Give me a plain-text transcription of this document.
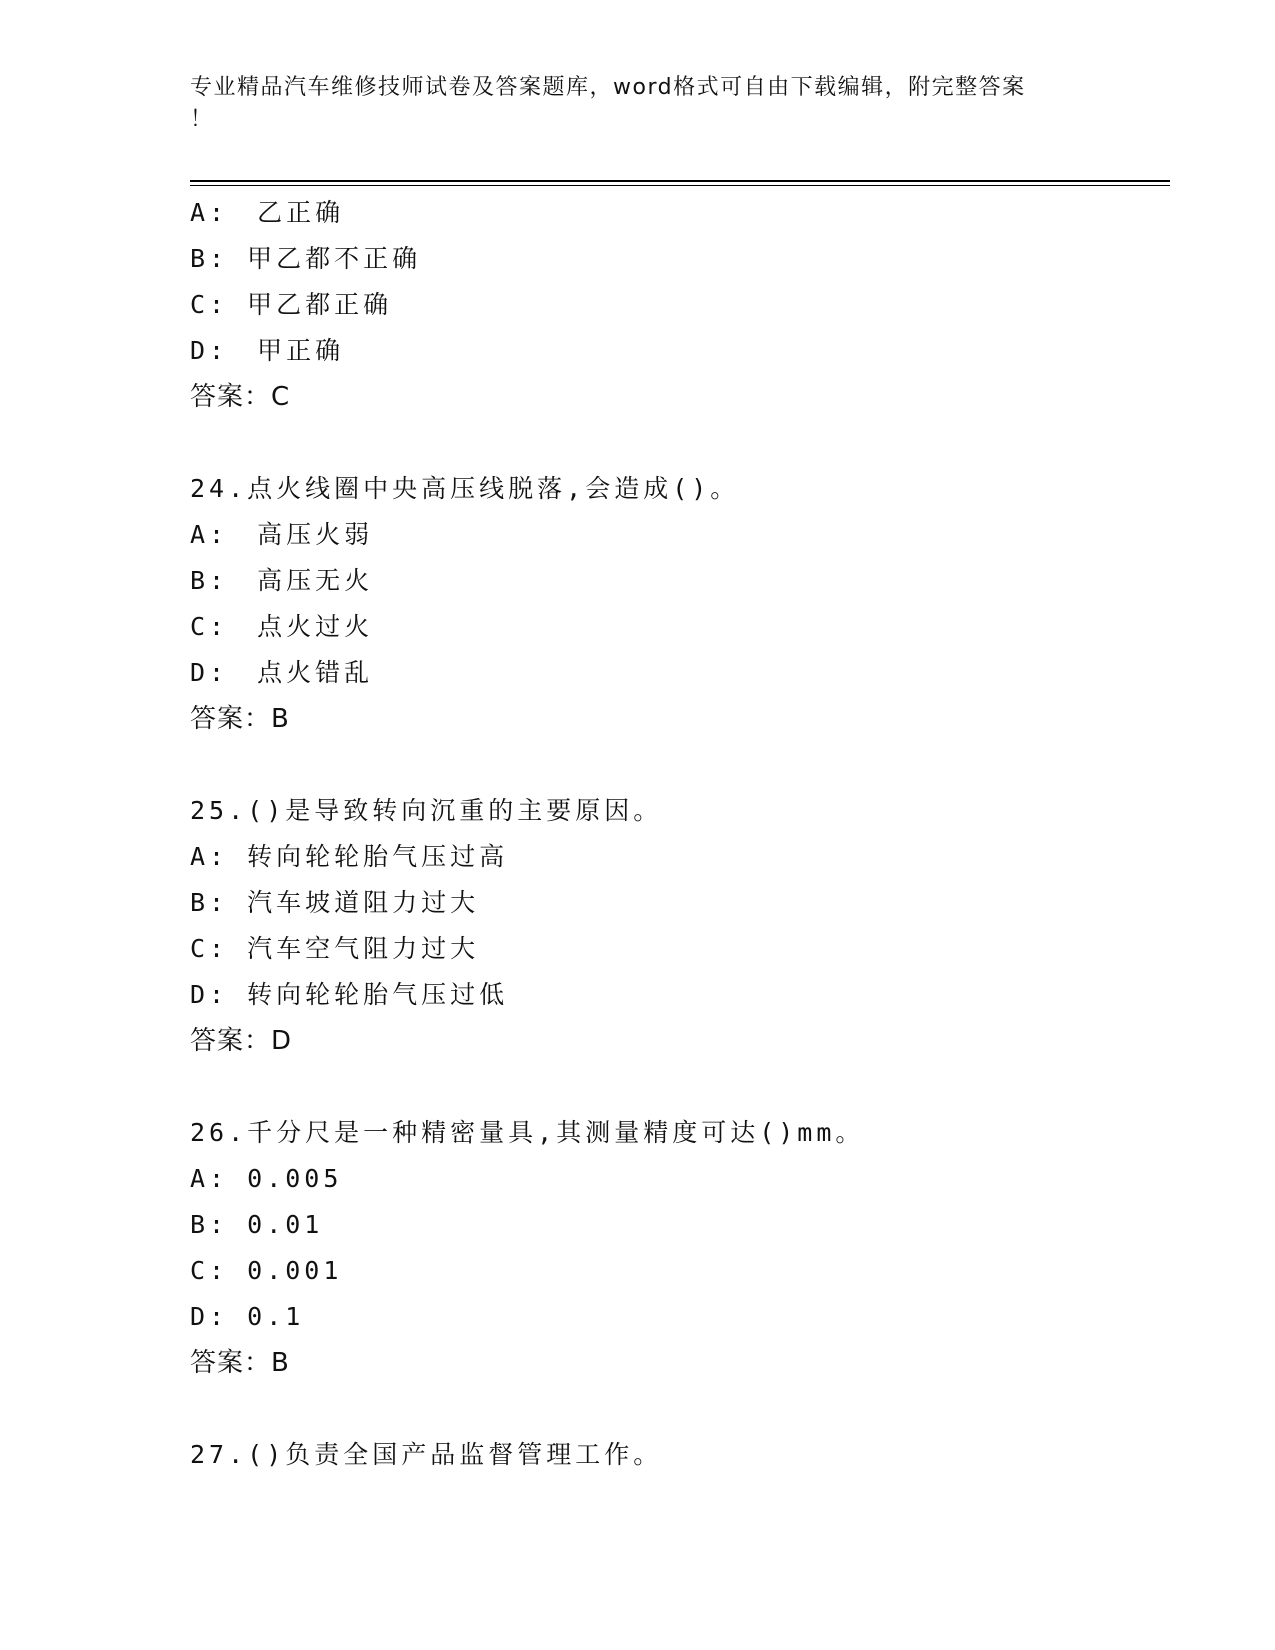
专业精品汽车维修技师试卷及答案题库，word格式可自由下载编辑，附完整答案
！
A:　乙正确
B: 甲乙都不正确
C: 甲乙都正确
D:　甲正确
答案：C
24.点火线圈中央高压线脱落,会造成()。
A:　高压火弱
B:　高压无火
C:　点火过火
D:　点火错乱
答案：B
25.()是导致转向沉重的主要原因。
A: 转向轮轮胎气压过高
B: 汽车坡道阻力过大
C: 汽车空气阻力过大
D: 转向轮轮胎气压过低
答案：D
26.千分尺是一种精密量具,其测量精度可达()mm。
A: 0.005
B: 0.01
C: 0.001
D: 0.1
答案：B
27.()负责全国产品监督管理工作。
